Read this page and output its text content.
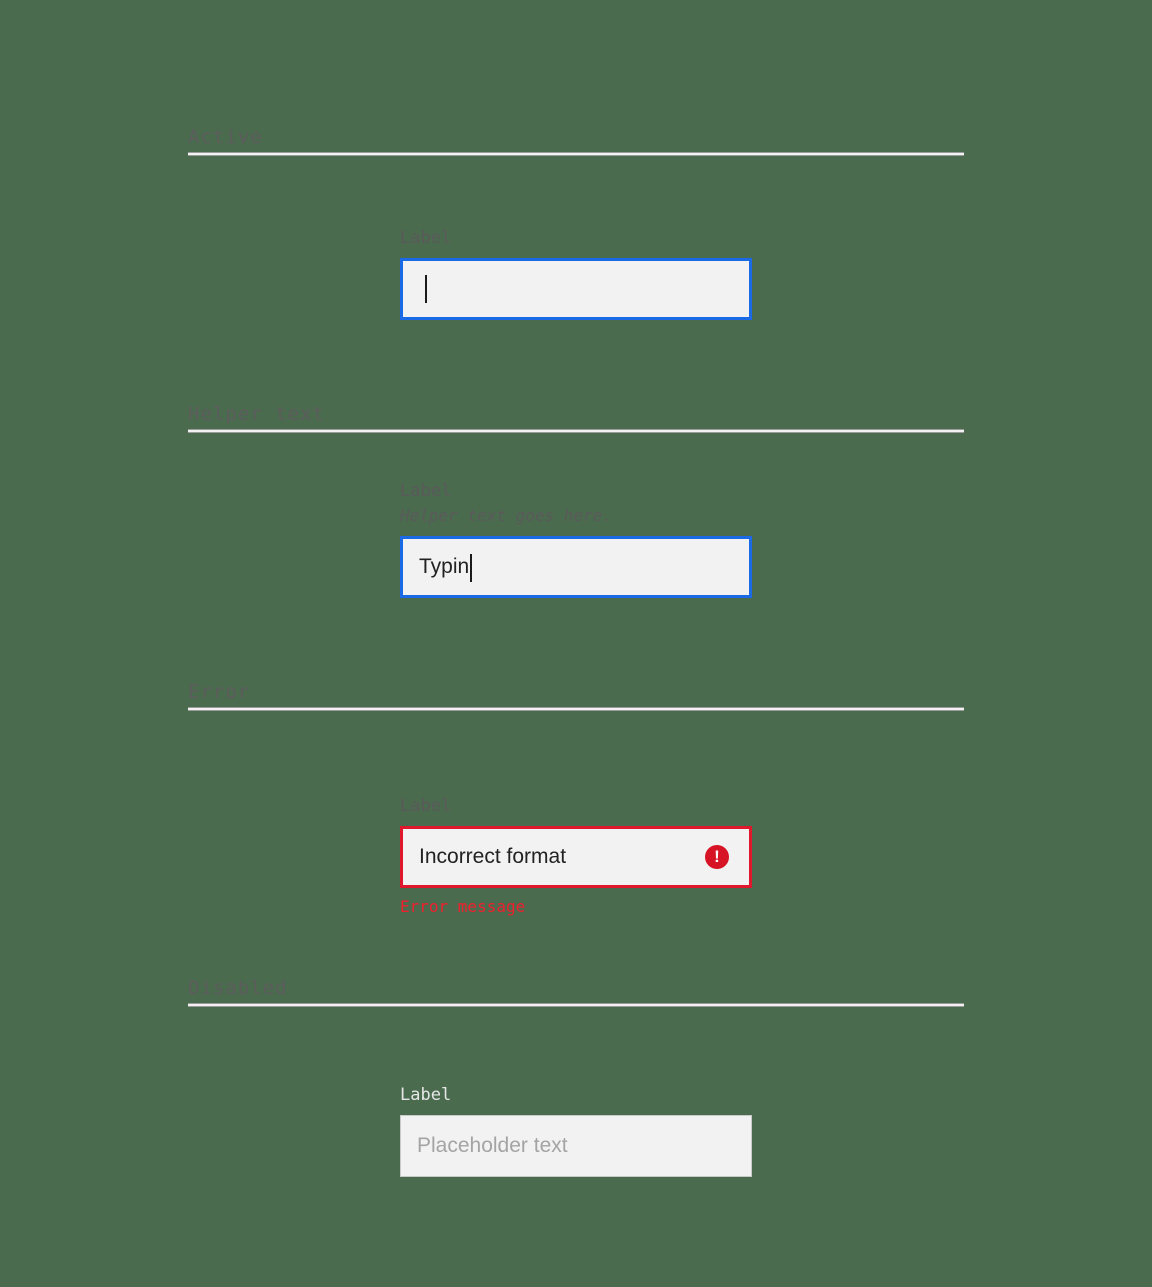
Active
Label
Helper text
Label
Helper text goes here.
Typin
Error
Label
Incorrect format	!
Error message
Disabled
Label
Placeholder text
